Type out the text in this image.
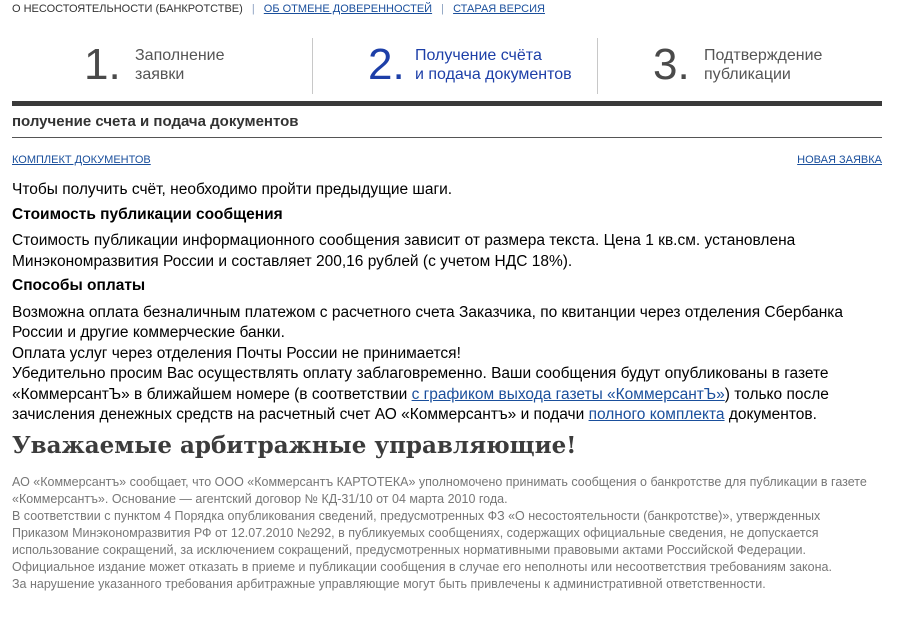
О НЕСОСТОЯТЕЛЬНОСТИ (БАНКРОТСТВЕ) | ОБ ОТМЕНЕ ДОВЕРЕННОСТЕЙ | СТАРАЯ ВЕРСИЯ
1. Заполнение
заявки	2. Получение счёта
и подача документов 3. Подтверждение
публикации
получение счета и подача документов
КОМПЛЕКТ ДОКУМЕНТОВ	НОВАЯ ЗАЯВКА

Чтобы получить счёт, необходимо пройти предыдущие шаги.

Стоимость публикации сообщения

Стоимость публикации информационного сообщения зависит от размера текста. Цена 1 кв.см. установлена Минэкономразвития России и составляет 200,16 рублей (с учетом НДС 18%).

Способы оплаты

Возможна оплата безналичным платежом с расчетного счета Заказчика, по квитанции через отделения Сбербанка России и другие коммерческие банки.

Оплата услуг через отделения Почты России не принимается!

Убедительно просим Вас осуществлять оплату заблаговременно. Ваши сообщения будут опубликованы в газете «КоммерсантЪ» в ближайшем номере (в соответствии с графиком выхода газеты «КоммерсантЪ») только после зачисления денежных средств на расчетный счет АО «Коммерсантъ» и подачи полного комплекта документов.

Уважаемые арбитражные управляющие!

АО «Коммерсантъ» сообщает, что ООО «Коммерсантъ КАРТОТЕКА» уполномочено принимать сообщения о банкротстве для публикации в газете «Коммерсантъ». Основание — агентский договор № КД-31/10 от 04 марта 2010 года.

В соответствии с пунктом 4 Порядка опубликования сведений, предусмотренных ФЗ «О несостоятельности (банкротстве)», утвержденных Приказом Минэкономразвития РФ от 12.07.2010 №292, в публикуемых сообщениях, содержащих официальные сведения, не допускается использование сокращений, за исключением сокращений, предусмотренных нормативными правовыми актами Российской Федерации.

Официальное издание может отказать в приеме и публикации сообщения в случае его неполноты или несоответствия требованиям закона.

За нарушение указанного требования арбитражные управляющие могут быть привлечены к административной ответственности.
